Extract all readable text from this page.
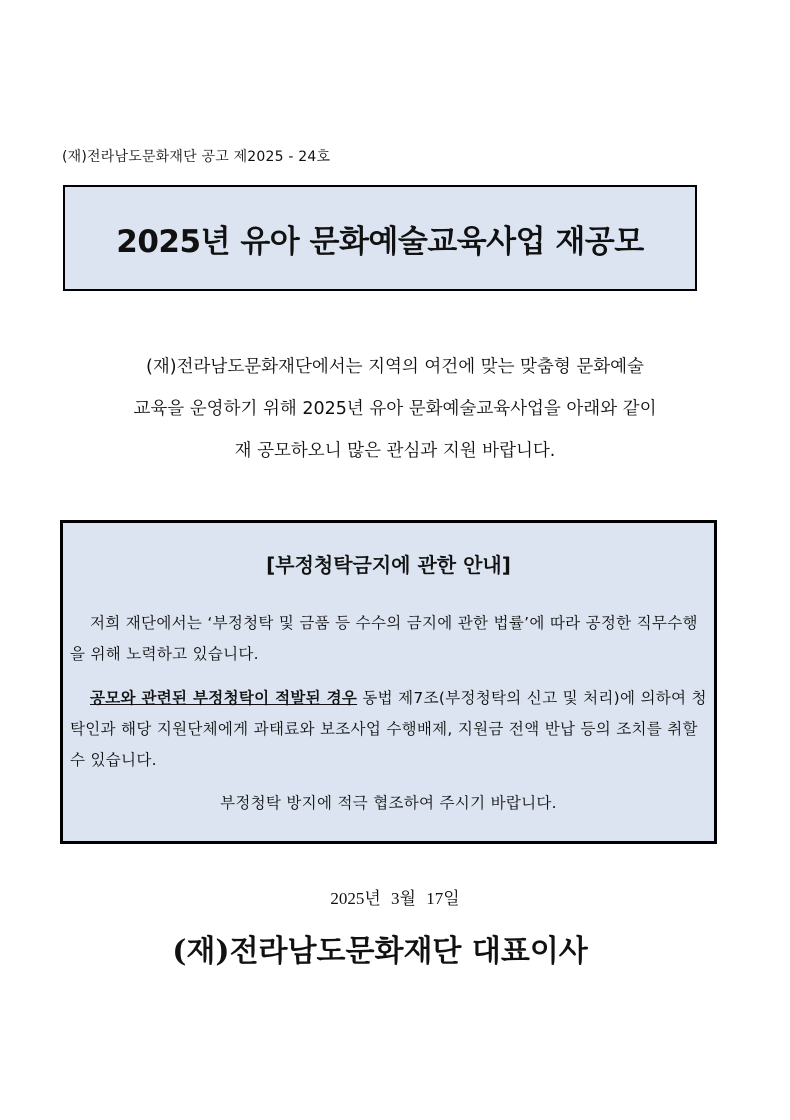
(재)전라남도문화재단 공고 제2025 - 24호
2025년 유아 문화예술교육사업 재공모
(재)전라남도문화재단에서는 지역의 여건에 맞는 맞춤형 문화예술
교육을 운영하기 위해 2025년 유아 문화예술교육사업을 아래와 같이
재 공모하오니 많은 관심과 지원 바랍니다.
[부정청탁금지에 관한 안내]
저희 재단에서는 ‘부정청탁 및 금품 등 수수의 금지에 관한 법률’에 따라 공정한 직무수행을 위해 노력하고 있습니다.
공모와 관련된 부정청탁이 적발된 경우 동법 제7조(부정청탁의 신고 및 처리)에 의하여 청탁인과 해당 지원단체에게 과태료와 보조사업 수행배제, 지원금 전액 반납 등의 조치를 취할 수 있습니다.
부정청탁 방지에 적극 협조하여 주시기 바랍니다.
2025년 3월 17일
(재)전라남도문화재단 대표이사
